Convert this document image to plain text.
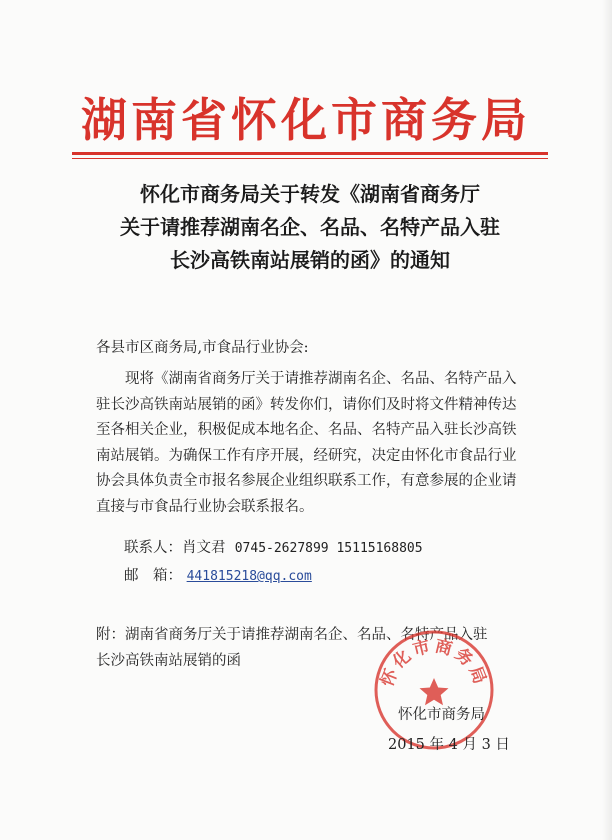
湖南省怀化市商务局
怀化市商务局关于转发《湖南省商务厅
关于请推荐湖南名企、名品、名特产品入驻
长沙高铁南站展销的函》的通知
各县市区商务局,市食品行业协会:
　　现将《湖南省商务厅关于请推荐湖南名企、名品、名特产品入
驻长沙高铁南站展销的函》转发你们，请你们及时将文件精神传达
至各相关企业，积极促成本地名企、名品、名特产品入驻长沙高铁
南站展销。为确保工作有序开展，经研究，决定由怀化市食品行业
协会具体负责全市报名参展企业组织联系工作，有意参展的企业请
直接与市食品行业协会联系报名。
联系人：肖文君 0745-2627899 15115168805
邮　箱： 441815218@qq.com
附：湖南省商务厅关于请推荐湖南名企、名品、名特产品入驻
长沙高铁南站展销的函
怀化市商务局
怀化市商务局
2015 年 4 月 3 日
